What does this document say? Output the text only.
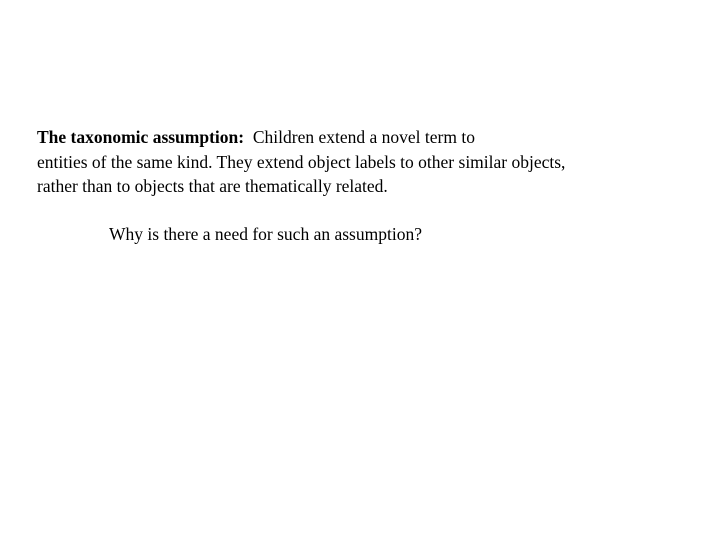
The taxonomic assumption: Children extend a novel term to
entities of the same kind. They extend object labels to other similar objects,
rather than to objects that are thematically related.

Why is there a need for such an assumption?
